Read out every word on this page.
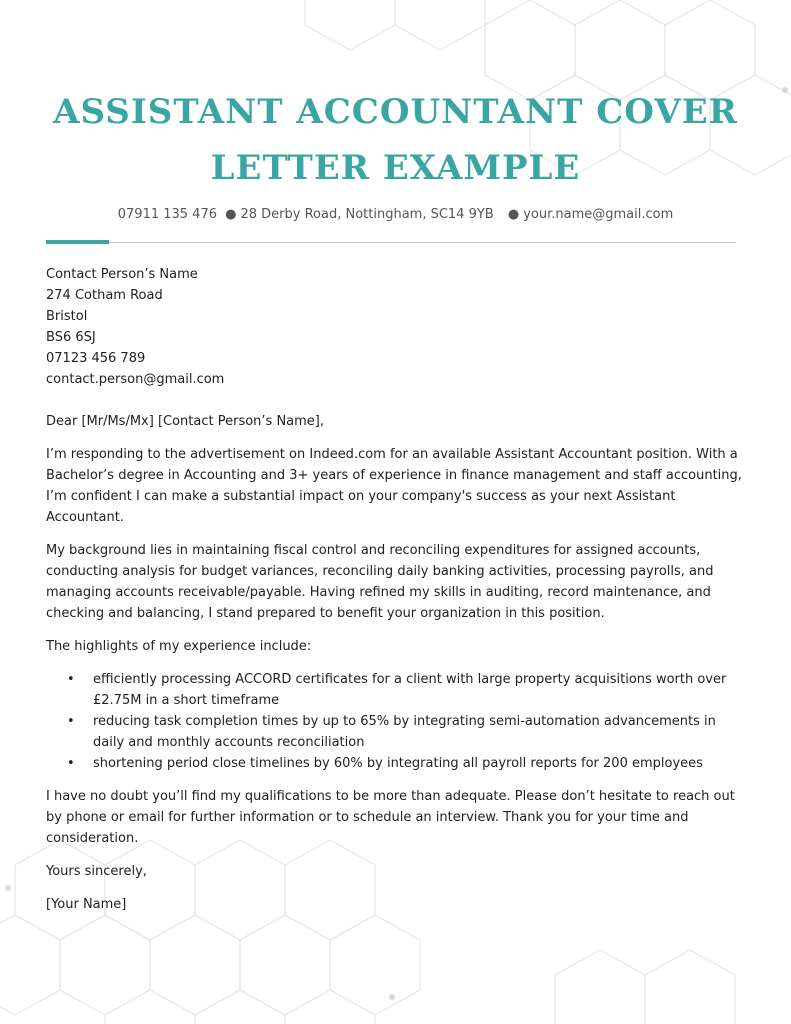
ASSISTANT ACCOUNTANT COVER
LETTER EXAMPLE
07911 135 476 ● 28 Derby Road, Nottingham, SC14 9YB ● your.name@gmail.com
Contact Person’s Name
274 Cotham Road
Bristol
BS6 6SJ
07123 456 789
contact.person@gmail.com

Dear [Mr/Ms/Mx] [Contact Person’s Name],

I’m responding to the advertisement on Indeed.com for an available Assistant Accountant position. With a Bachelor’s degree in Accounting and 3+ years of experience in finance management and staff accounting, I’m confident I can make a substantial impact on your company's success as your next Assistant Accountant.

My background lies in maintaining fiscal control and reconciling expenditures for assigned accounts, conducting analysis for budget variances, reconciling daily banking activities, processing payrolls, and managing accounts receivable/payable. Having refined my skills in auditing, record maintenance, and checking and balancing, I stand prepared to benefit your organization in this position.

The highlights of my experience include:

• efficiently processing ACCORD certificates for a client with large property acquisitions worth over £2.75M in a short timeframe
• reducing task completion times by up to 65% by integrating semi-automation advancements in daily and monthly accounts reconciliation
• shortening period close timelines by 60% by integrating all payroll reports for 200 employees

I have no doubt you’ll find my qualifications to be more than adequate. Please don’t hesitate to reach out by phone or email for further information or to schedule an interview. Thank you for your time and consideration.

Yours sincerely,

[Your Name]
